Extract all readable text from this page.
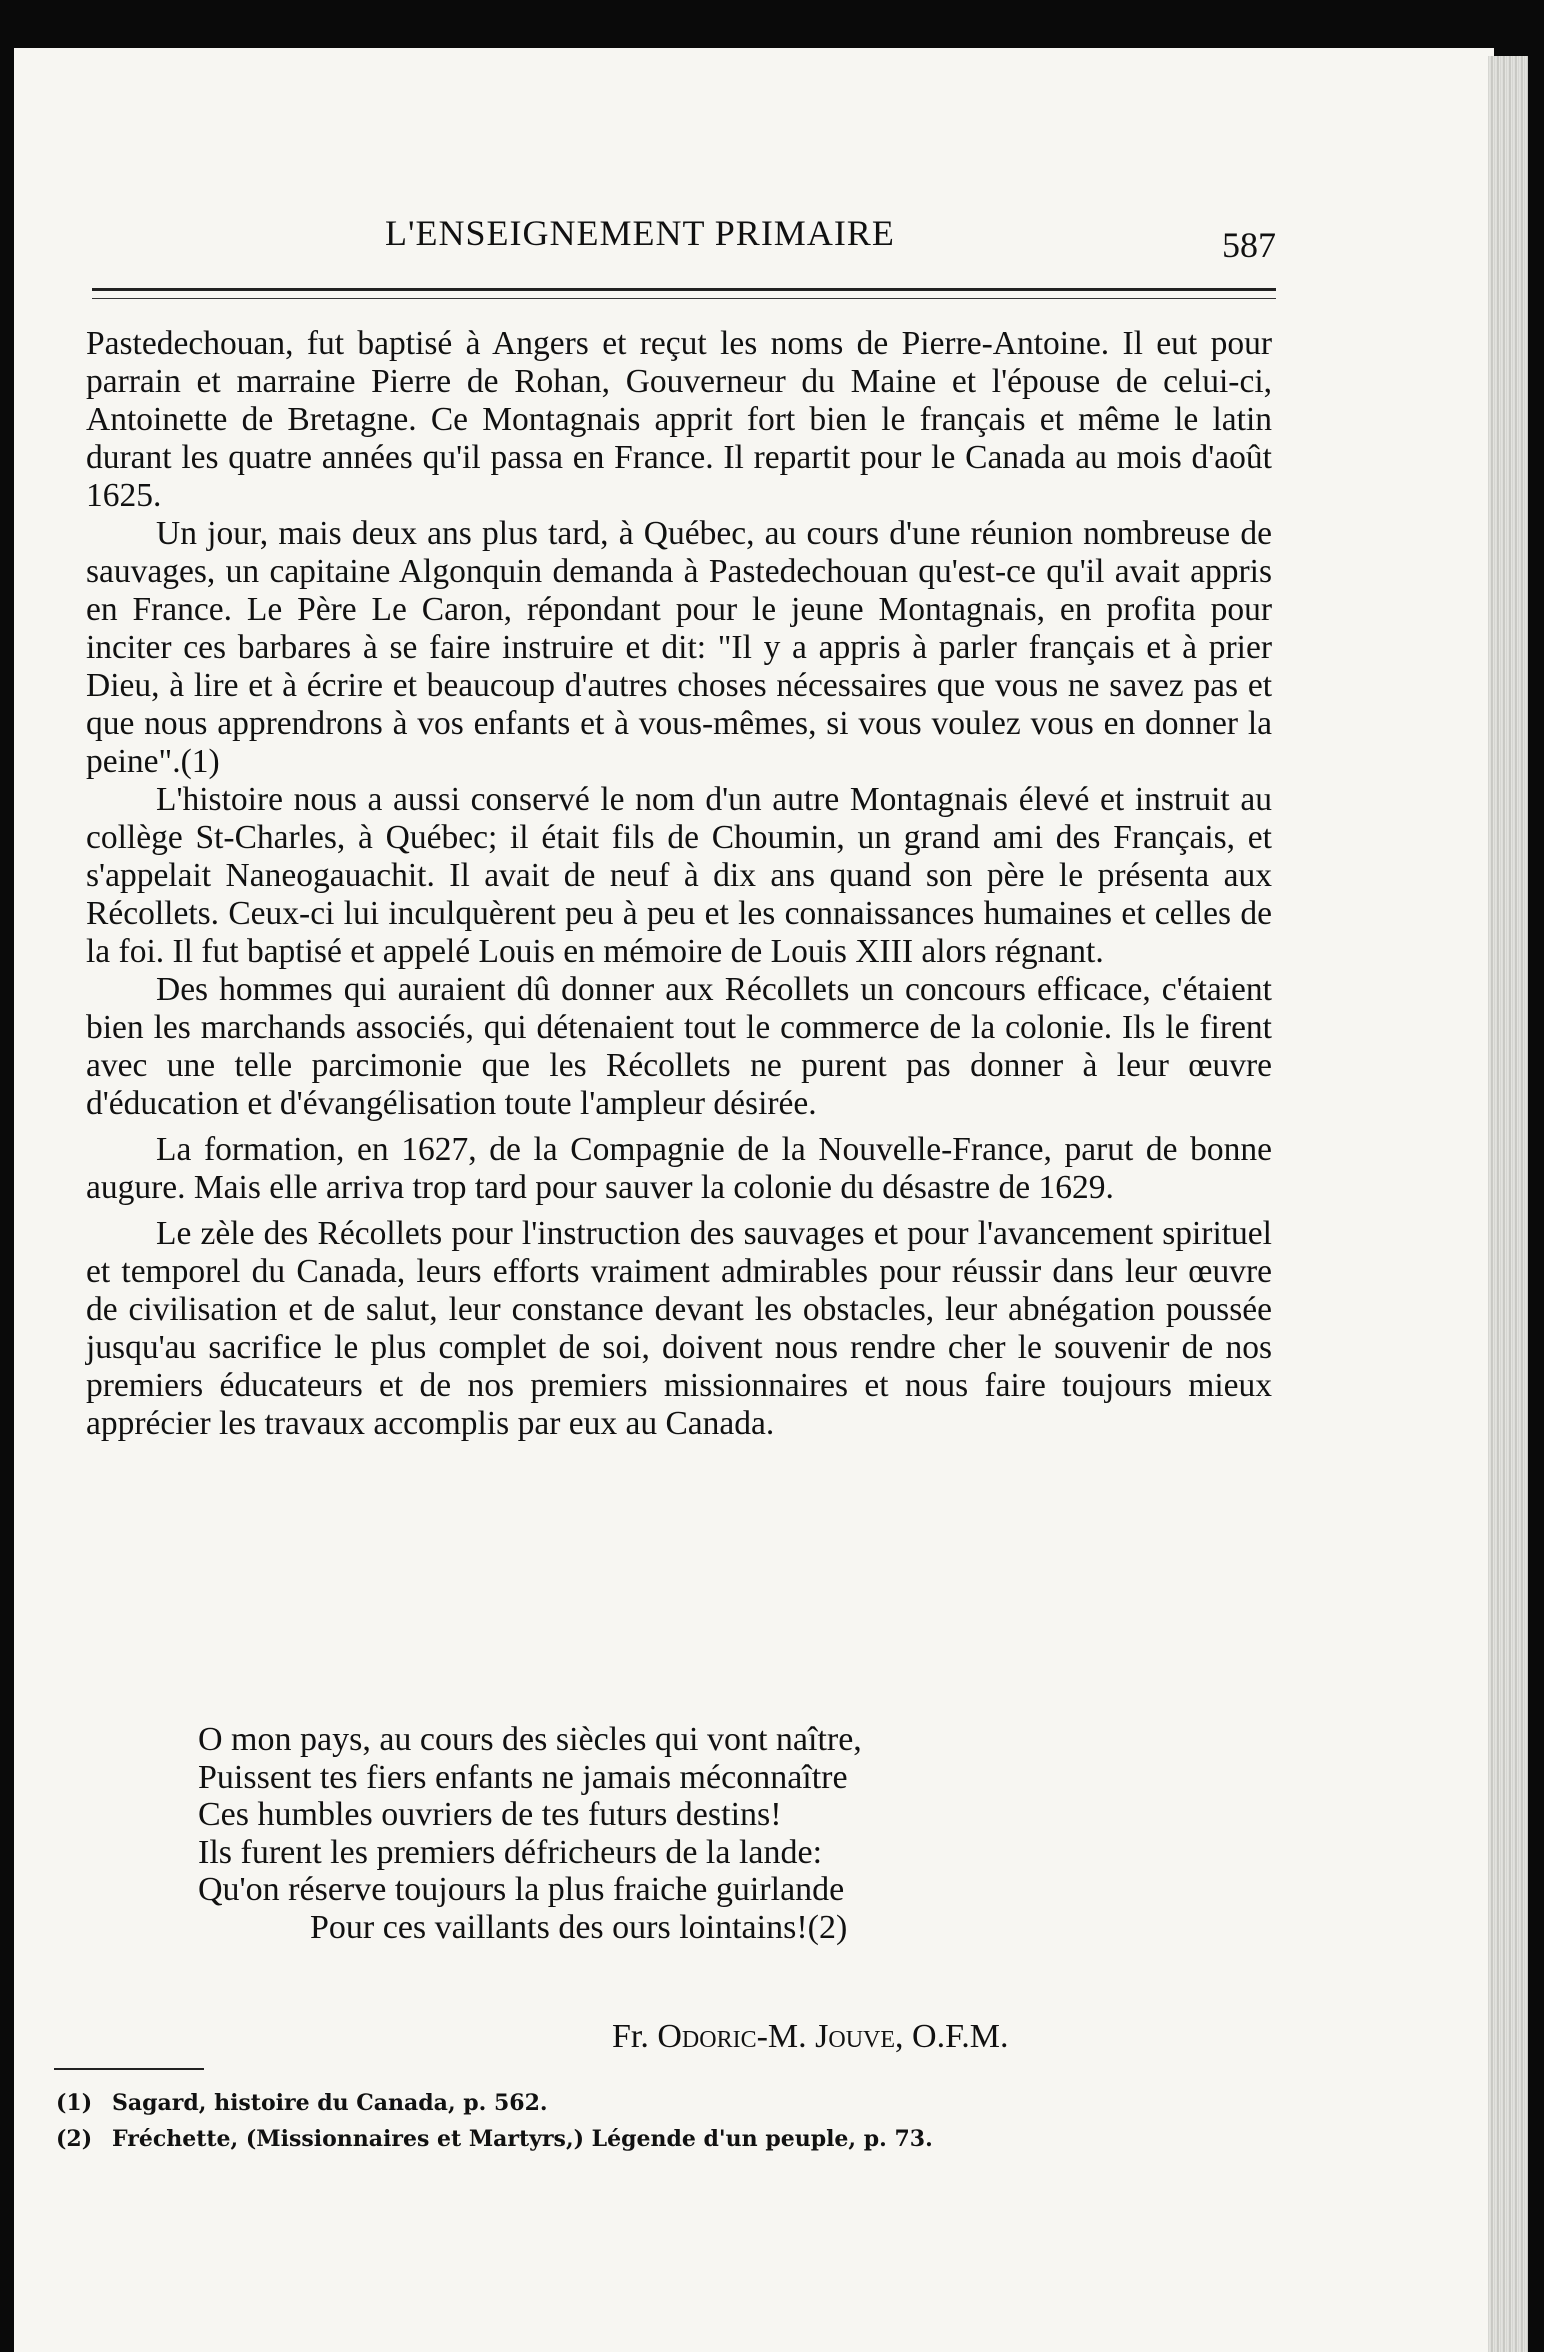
L'ENSEIGNEMENT PRIMAIRE	587

Pastedechouan, fut baptisé à Angers et reçut les noms de Pierre-Antoine. Il eut pour parrain et marraine Pierre de Rohan, Gouverneur du Maine et l'épouse de celui-ci, Antoinette de Bretagne. Ce Montagnais apprit fort bien le français et même le latin durant les quatre années qu'il passa en France. Il repartit pour le Canada au mois d'août 1625.

Un jour, mais deux ans plus tard, à Québec, au cours d'une réunion nombreuse de sauvages, un capitaine Algonquin demanda à Pastedechouan qu'est-ce qu'il avait appris en France. Le Père Le Caron, répondant pour le jeune Montagnais, en profita pour inciter ces barbares à se faire instruire et dit: "Il y a appris à parler français et à prier Dieu, à lire et à écrire et beaucoup d'autres choses nécessaires que vous ne savez pas et que nous apprendrons à vos enfants et à vous-mêmes, si vous voulez vous en donner la peine".(1)

L'histoire nous a aussi conservé le nom d'un autre Montagnais élevé et instruit au collège St-Charles, à Québec; il était fils de Choumin, un grand ami des Français, et s'appelait Naneogauachit. Il avait de neuf à dix ans quand son père le présenta aux Récollets. Ceux-ci lui inculquèrent peu à peu et les connaissances humaines et celles de la foi. Il fut baptisé et appelé Louis en mémoire de Louis XIII alors régnant.

Des hommes qui auraient dû donner aux Récollets un concours efficace, c'étaient bien les marchands associés, qui détenaient tout le commerce de la colonie. Ils le firent avec une telle parcimonie que les Récollets ne purent pas donner à leur œuvre d'éducation et d'évangélisation toute l'ampleur désirée.

La formation, en 1627, de la Compagnie de la Nouvelle-France, parut de bonne augure. Mais elle arriva trop tard pour sauver la colonie du désastre de 1629.

Le zèle des Récollets pour l'instruction des sauvages et pour l'avancement spirituel et temporel du Canada, leurs efforts vraiment admirables pour réussir dans leur œuvre de civilisation et de salut, leur constance devant les obstacles, leur abnégation poussée jusqu'au sacrifice le plus complet de soi, doivent nous rendre cher le souvenir de nos premiers éducateurs et de nos premiers missionnaires et nous faire toujours mieux apprécier les travaux accomplis par eux au Canada.

O mon pays, au cours des siècles qui vont naître,
Puissent tes fiers enfants ne jamais méconnaître
Ces humbles ouvriers de tes futurs destins!
Ils furent les premiers défricheurs de la lande:
Qu'on réserve toujours la plus fraiche guirlande
Pour ces vaillants des ours lointains!(2)
Fr. Odoric-M. Jouve, O.F.M.
(1) Sagard, histoire du Canada, p. 562.
(2) Fréchette, (Missionnaires et Martyrs,) Légende d'un peuple, p. 73.
